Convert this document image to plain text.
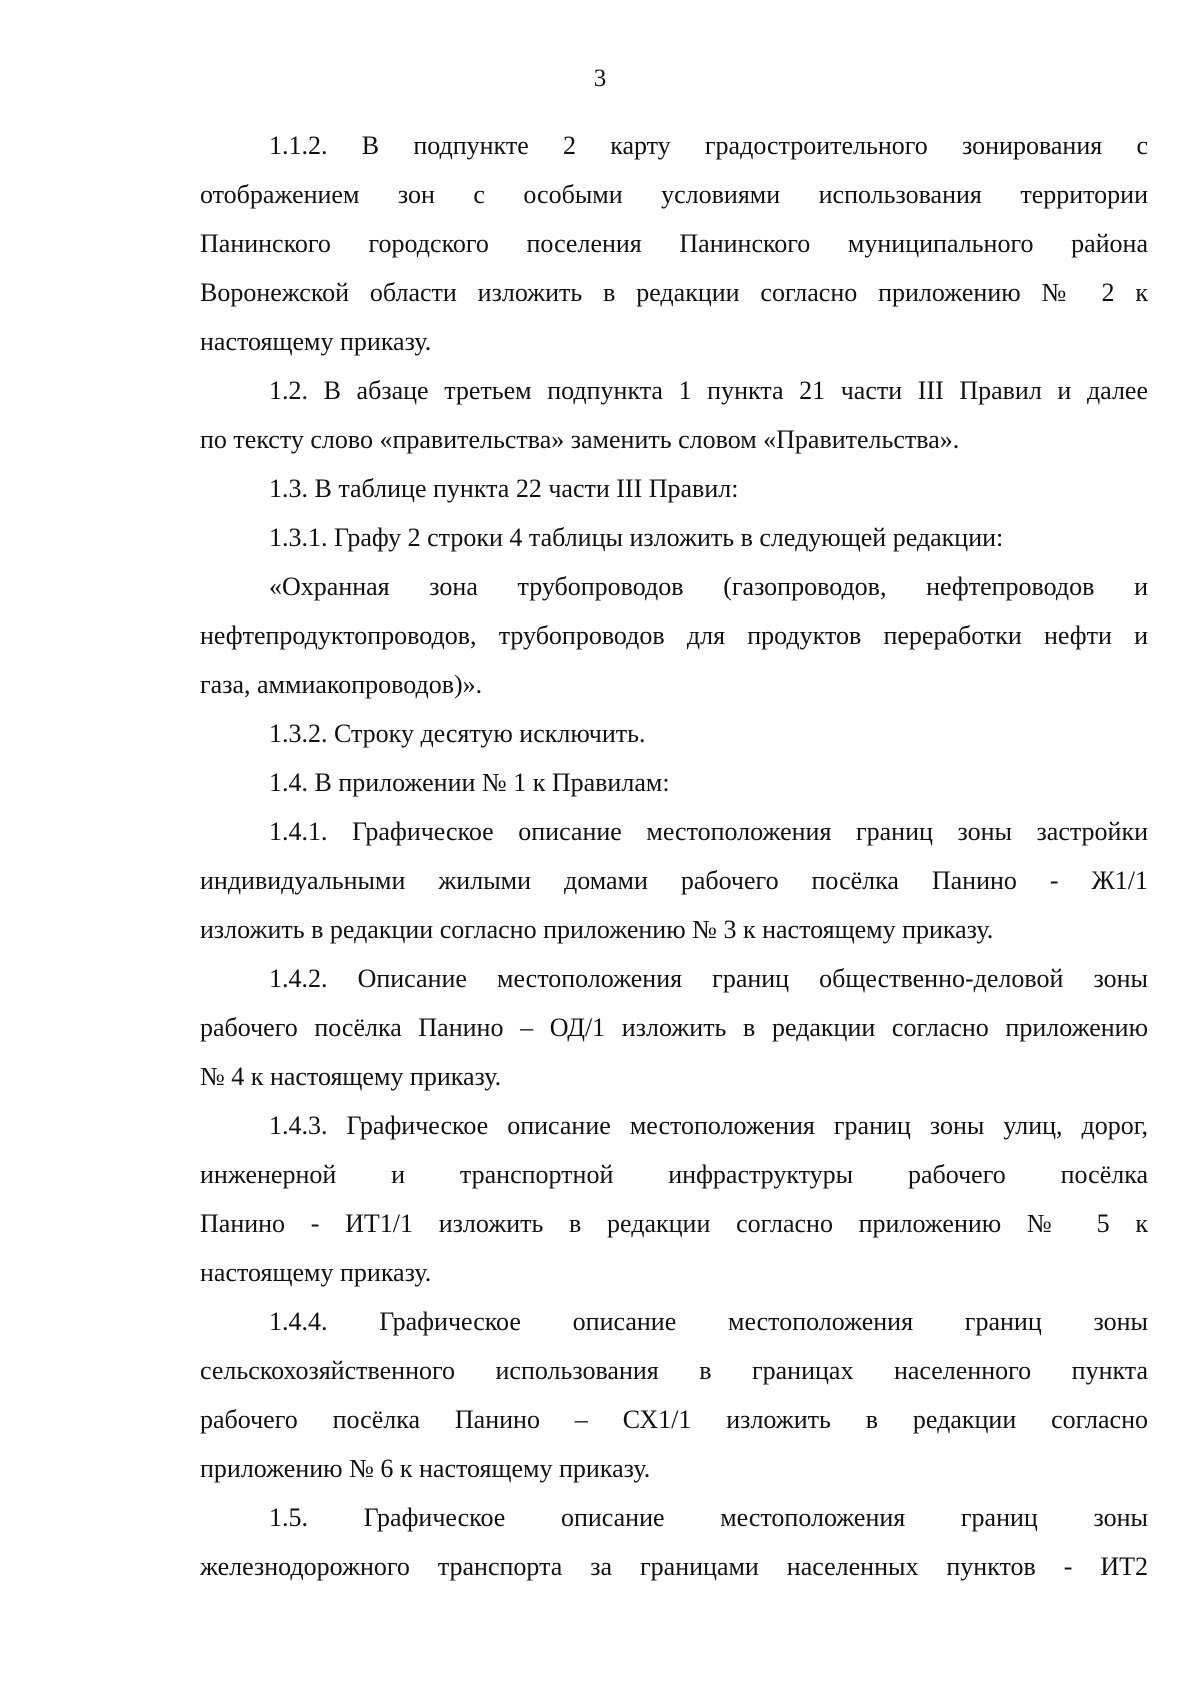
3
1.1.2. В подпункте 2 карту градостроительного зонирования с
отображением зон с особыми условиями использования территории
Панинского городского поселения Панинского муниципального района
Воронежской области изложить в редакции согласно приложению № 2 к
настоящему приказу.
1.2. В абзаце третьем подпункта 1 пункта 21 части III Правил и далее
по тексту слово «правительства» заменить словом «Правительства».
1.3. В таблице пункта 22 части III Правил:
1.3.1. Графу 2 строки 4 таблицы изложить в следующей редакции:
«Охранная зона трубопроводов (газопроводов, нефтепроводов и
нефтепродуктопроводов, трубопроводов для продуктов переработки нефти и
газа, аммиакопроводов)».
1.3.2. Строку десятую исключить.
1.4. В приложении № 1 к Правилам:
1.4.1. Графическое описание местоположения границ зоны застройки
индивидуальными жилыми домами рабочего посёлка Панино - Ж1/1
изложить в редакции согласно приложению № 3 к настоящему приказу.
1.4.2. Описание местоположения границ общественно-деловой зоны
рабочего посёлка Панино – ОД/1 изложить в редакции согласно приложению
№ 4 к настоящему приказу.
1.4.3. Графическое описание местоположения границ зоны улиц, дорог,
инженерной и транспортной инфраструктуры рабочего посёлка
Панино - ИТ1/1 изложить в редакции согласно приложению № 5 к
настоящему приказу.
1.4.4. Графическое описание местоположения границ зоны
сельскохозяйственного использования в границах населенного пункта
рабочего посёлка Панино – СХ1/1 изложить в редакции согласно
приложению № 6 к настоящему приказу.
1.5. Графическое описание местоположения границ зоны
железнодорожного транспорта за границами населенных пунктов - ИТ2
